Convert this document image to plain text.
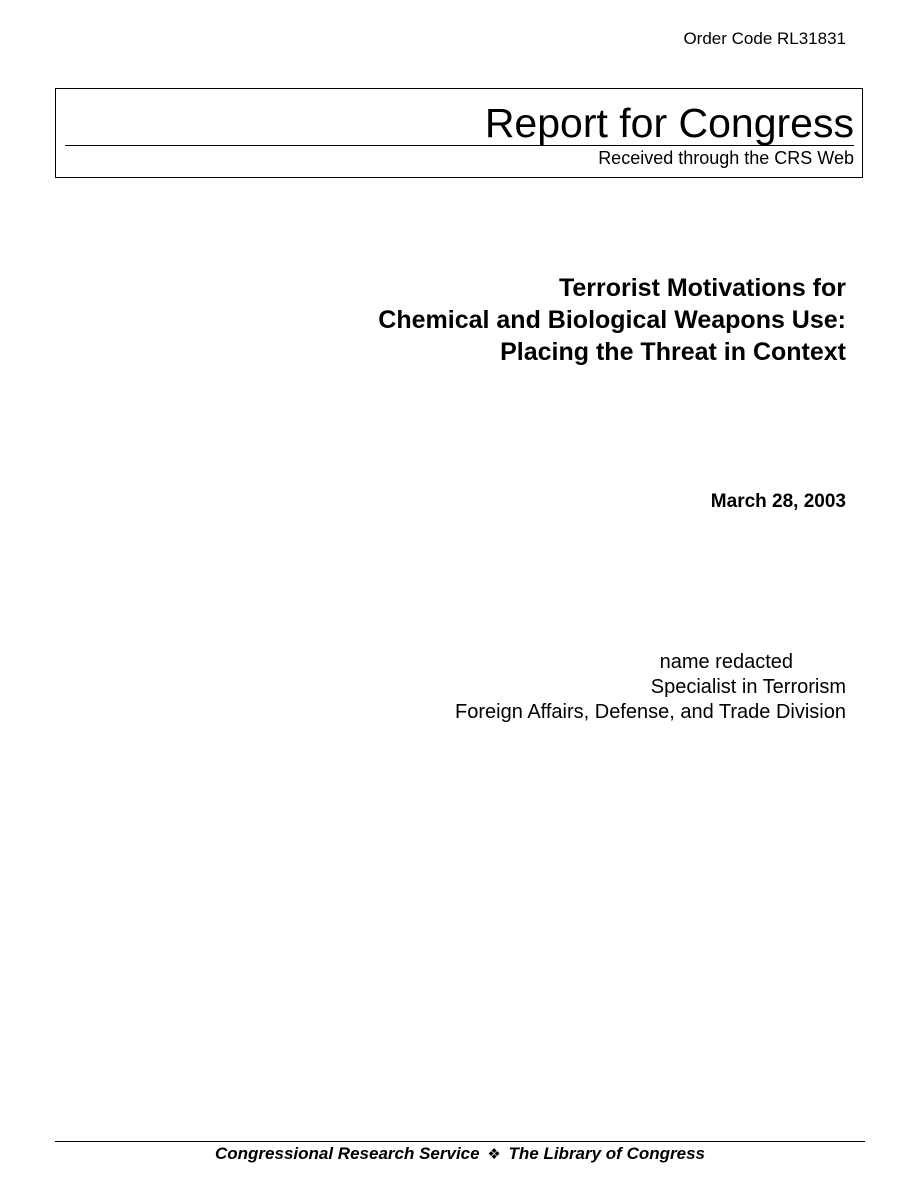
Order Code RL31831
Report for Congress
Received through the CRS Web
Terrorist Motivations for
Chemical and Biological Weapons Use:
Placing the Threat in Context
March 28, 2003
name redacted
Specialist in Terrorism
Foreign Affairs, Defense, and Trade Division
Congressional Research Service ❖ The Library of Congress
